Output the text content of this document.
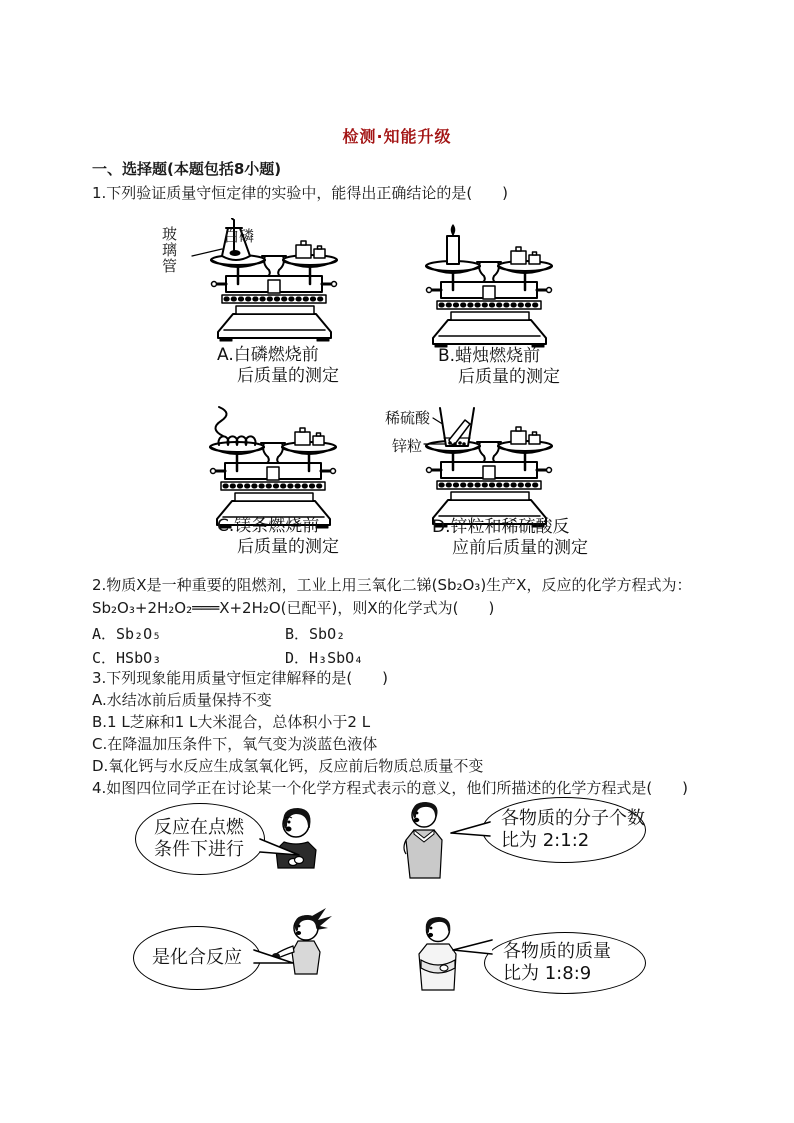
检测·知能升级
一、选择题(本题包括8小题)
1.下列验证质量守恒定律的实验中，能得出正确结论的是(　　)
玻璃管
白磷
稀硫酸
锌粒
A.白磷燃烧前
后质量的测定
B.蜡烛燃烧前
后质量的测定
C.镁条燃烧前
后质量的测定
D.锌粒和稀硫酸反
应前后质量的测定
2.物质X是一种重要的阻燃剂，工业上用三氧化二锑(Sb₂O₃)生产X，反应的化学方程式为：
Sb₂O₃+2H₂O₂═══X+2H₂O(已配平)，则X的化学式为(　　)
A．Sb₂O₅	B．SbO₂
C．HSbO₃	D．H₃SbO₄
3.下列现象能用质量守恒定律解释的是(　　)
A.水结冰前后质量保持不变
B.1 L芝麻和1 L大米混合，总体积小于2 L
C.在降温加压条件下，氧气变为淡蓝色液体
D.氧化钙与水反应生成氢氧化钙，反应前后物质总质量不变
4.如图四位同学正在讨论某一个化学方程式表示的意义，他们所描述的化学方程式是(　　)
反应在点燃
条件下进行
各物质的分子个数
比为 2:1:2
是化合反应	各物质的质量
比为 1:8:9
